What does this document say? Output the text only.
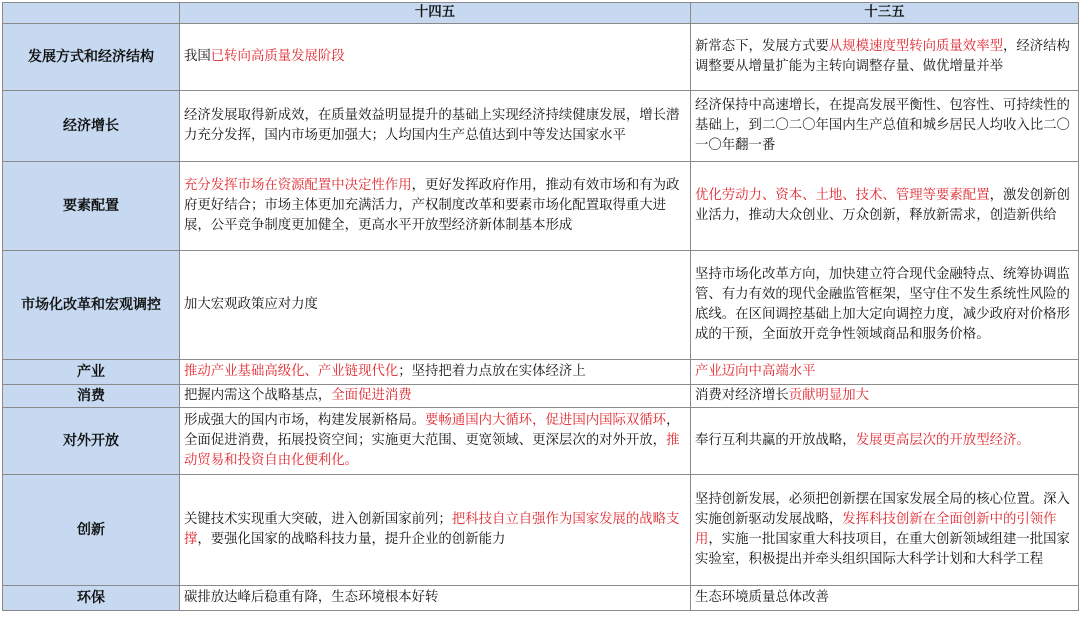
	十四五	十三五
发展方式和经济结构	我国已转向高质量发展阶段	新常态下，发展方式要从规模速度型转向质量效率型，经济结构调整要从增量扩能为主转向调整存量、做优增量并举
经济增长	经济发展取得新成效，在质量效益明显提升的基础上实现经济持续健康发展，增长潜力充分发挥，国内市场更加强大；人均国内生产总值达到中等发达国家水平	经济保持中高速增长，在提高发展平衡性、包容性、可持续性的基础上，到二〇二〇年国内生产总值和城乡居民人均收入比二〇一〇年翻一番
要素配置	充分发挥市场在资源配置中决定性作用，更好发挥政府作用，推动有效市场和有为政府更好结合；市场主体更加充满活力，产权制度改革和要素市场化配置取得重大进展，公平竞争制度更加健全，更高水平开放型经济新体制基本形成	优化劳动力、资本、土地、技术、管理等要素配置，激发创新创业活力，推动大众创业、万众创新，释放新需求，创造新供给
市场化改革和宏观调控	加大宏观政策应对力度	坚持市场化改革方向，加快建立符合现代金融特点、统筹协调监管、有力有效的现代金融监管框架，坚守住不发生系统性风险的底线。在区间调控基础上加大定向调控力度，减少政府对价格形成的干预，全面放开竞争性领域商品和服务价格。
产业	推动产业基础高级化、产业链现代化；坚持把着力点放在实体经济上	产业迈向中高端水平
消费	把握内需这个战略基点，全面促进消费	消费对经济增长贡献明显加大
对外开放	形成强大的国内市场，构建发展新格局。要畅通国内大循环，促进国内国际双循环，全面促进消费，拓展投资空间；实施更大范围、更宽领域、更深层次的对外开放，推动贸易和投资自由化便利化。	奉行互利共赢的开放战略，发展更高层次的开放型经济。
创新	关键技术实现重大突破，进入创新国家前列；把科技自立自强作为国家发展的战略支撑，要强化国家的战略科技力量，提升企业的创新能力	坚持创新发展，必须把创新摆在国家发展全局的核心位置。深入实施创新驱动发展战略，发挥科技创新在全面创新中的引领作用，实施一批国家重大科技项目，在重大创新领域组建一批国家实验室，积极提出并牵头组织国际大科学计划和大科学工程
环保	碳排放达峰后稳重有降，生态环境根本好转	生态环境质量总体改善
